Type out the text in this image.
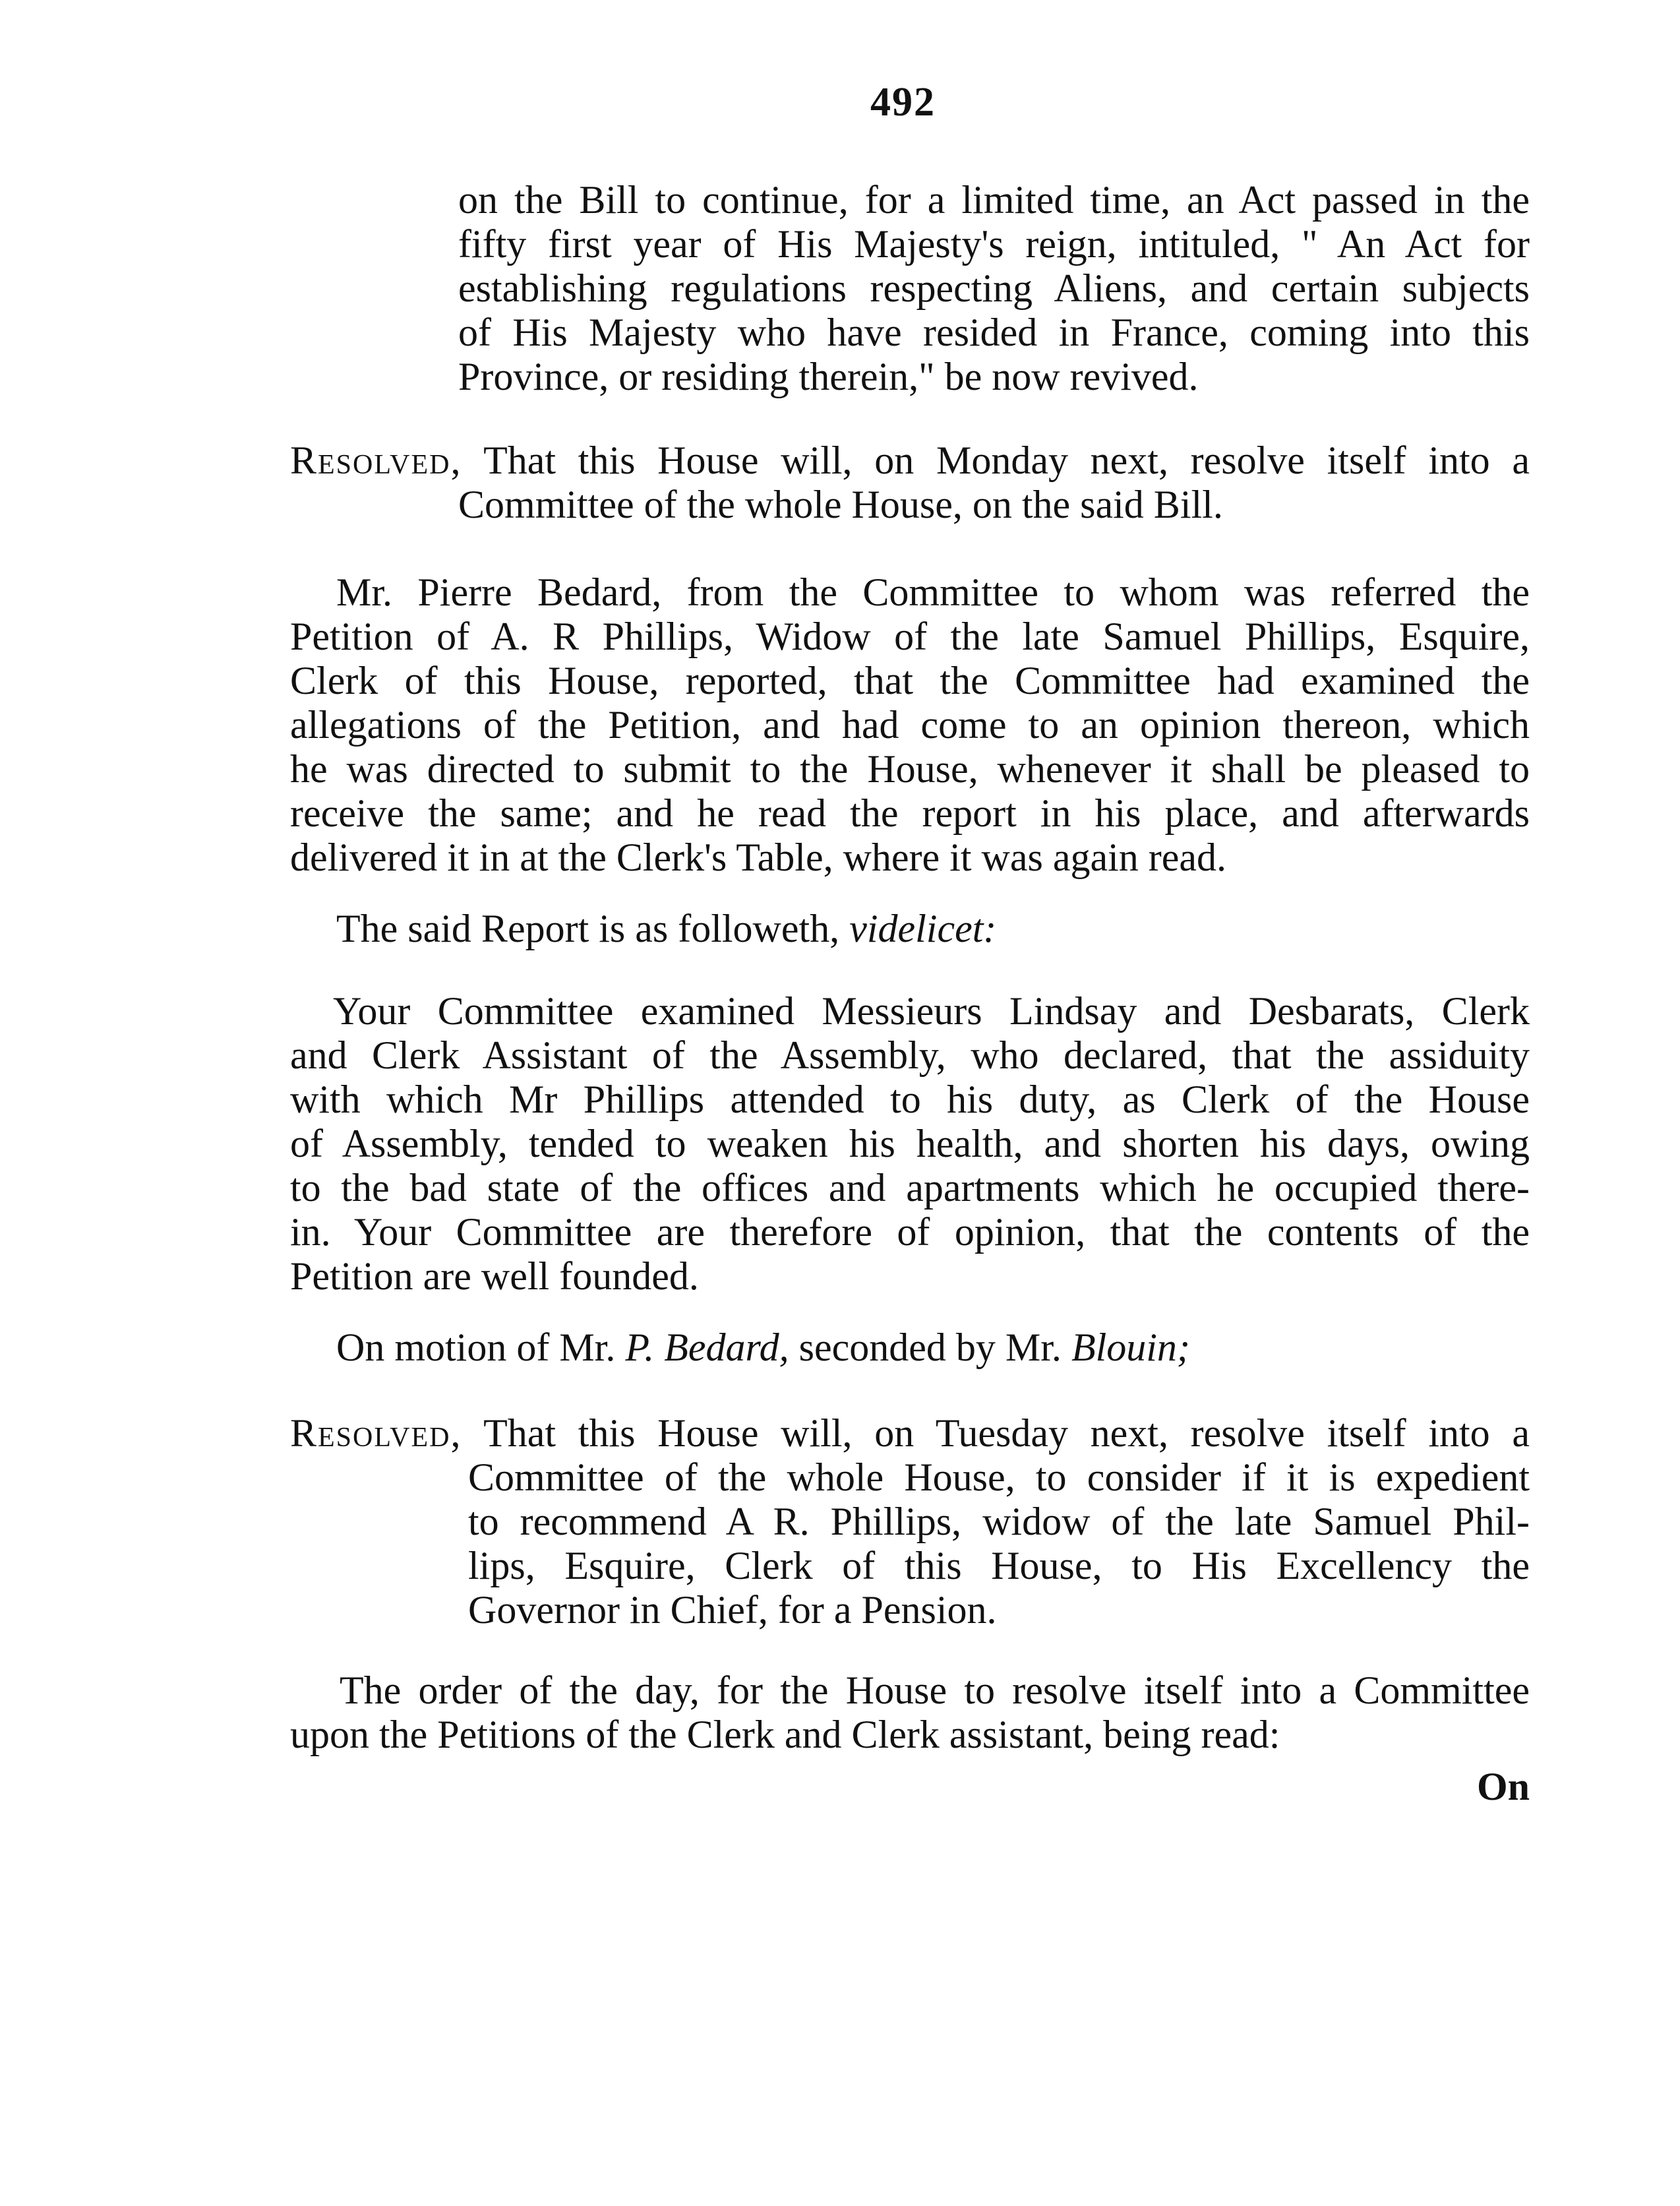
492
on the Bill to continue, for a limited time, an Act passed in the
fifty first year of His Majesty's reign, intituled, " An Act for
establishing regulations respecting Aliens, and certain subjects
of His Majesty who have resided in France, coming into this
Province, or residing therein," be now revived.
Resolved, That this House will, on Monday next, resolve itself into a
Committee of the whole House, on the said Bill.
Mr. Pierre Bedard, from the Committee to whom was referred the
Petition of A. R Phillips, Widow of the late Samuel Phillips, Esquire,
Clerk of this House, reported, that the Committee had examined the
allegations of the Petition, and had come to an opinion thereon, which
he was directed to submit to the House, whenever it shall be pleased to
receive the same; and he read the report in his place, and afterwards
delivered it in at the Clerk's Table, where it was again read.
The said Report is as followeth, videlicet:
Your Committee examined Messieurs Lindsay and Desbarats, Clerk
and Clerk Assistant of the Assembly, who declared, that the assiduity
with which Mr Phillips attended to his duty, as Clerk of the House
of Assembly, tended to weaken his health, and shorten his days, owing
to the bad state of the offices and apartments which he occupied there-
in. Your Committee are therefore of opinion, that the contents of the
Petition are well founded.
On motion of Mr. P. Bedard, seconded by Mr. Blouin;
Resolved, That this House will, on Tuesday next, resolve itself into a
Committee of the whole House, to consider if it is expedient
to recommend A R. Phillips, widow of the late Samuel Phil-
lips, Esquire, Clerk of this House, to His Excellency the
Governor in Chief, for a Pension.
The order of the day, for the House to resolve itself into a Committee
upon the Petitions of the Clerk and Clerk assistant, being read:
On
